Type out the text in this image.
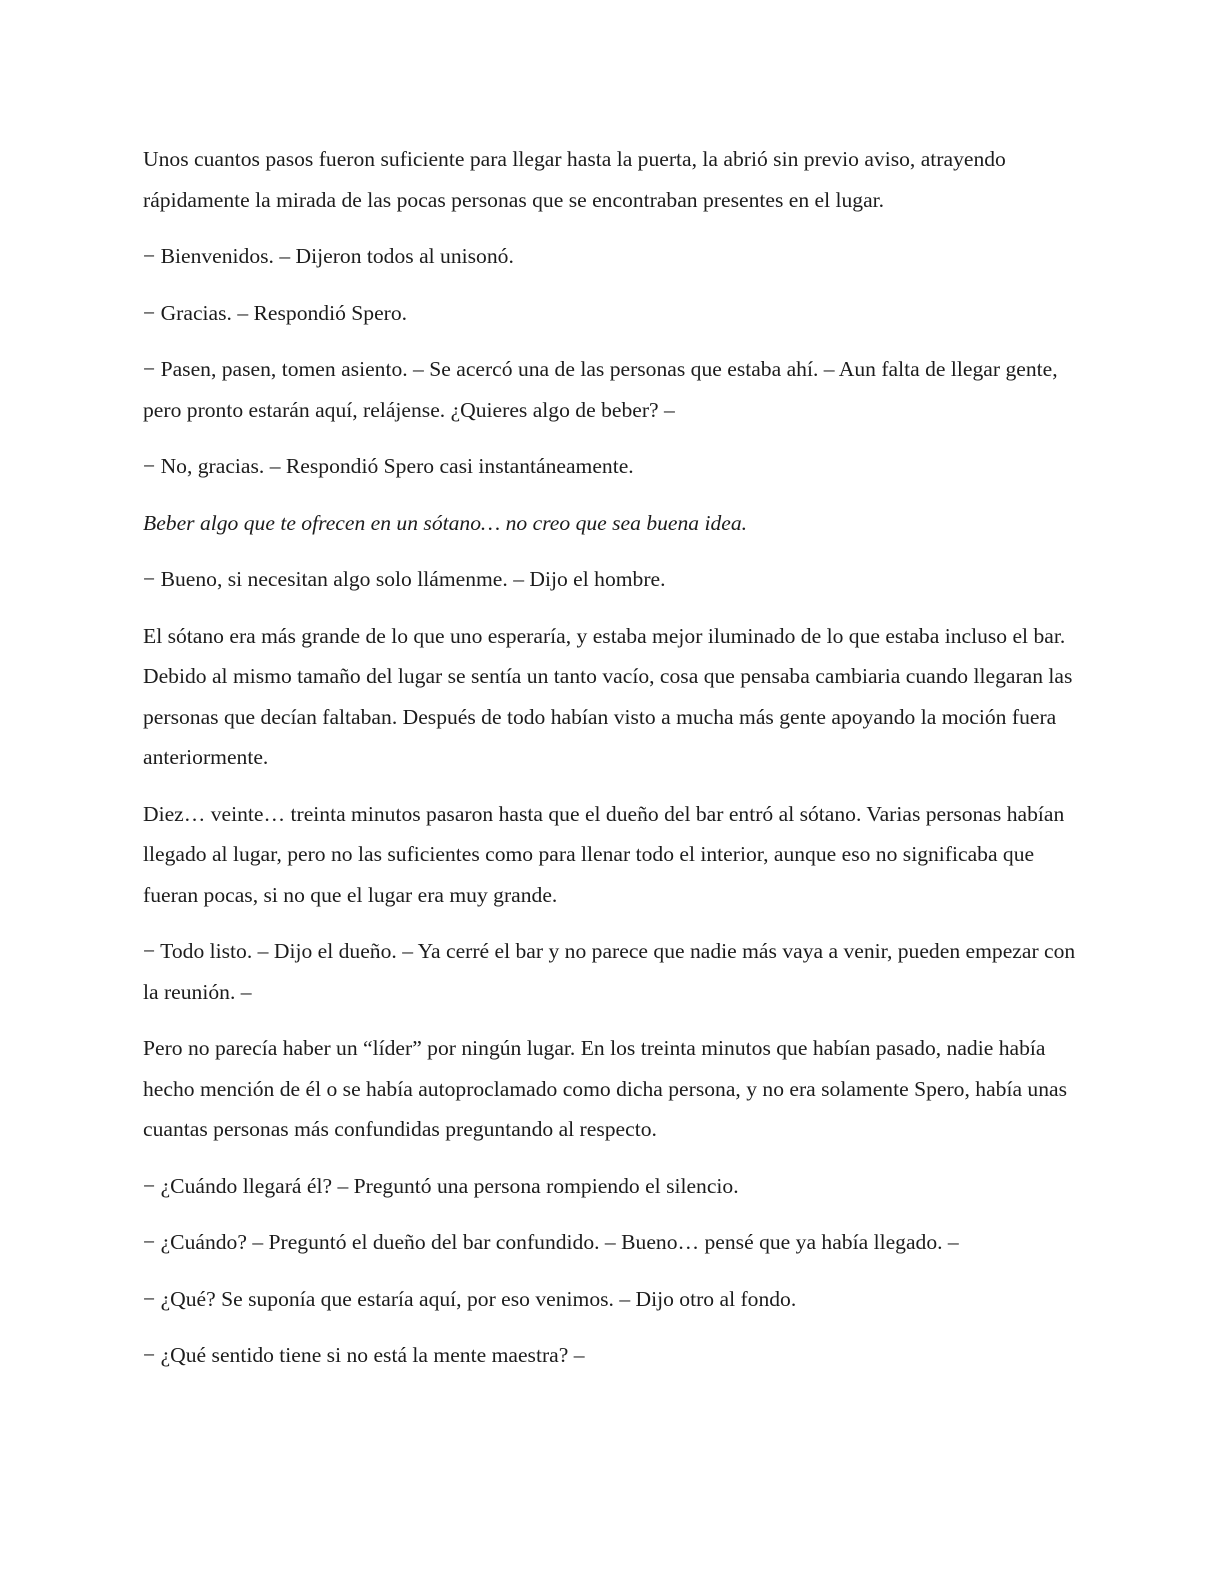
Unos cuantos pasos fueron suficiente para llegar hasta la puerta, la abrió sin previo aviso, atrayendo rápidamente la mirada de las pocas personas que se encontraban presentes en el lugar.

− Bienvenidos. – Dijeron todos al unisonó.

− Gracias. – Respondió Spero.

− Pasen, pasen, tomen asiento. – Se acercó una de las personas que estaba ahí. – Aun falta de llegar gente, pero pronto estarán aquí, relájense. ¿Quieres algo de beber? –

− No, gracias. – Respondió Spero casi instantáneamente.

Beber algo que te ofrecen en un sótano… no creo que sea buena idea.

− Bueno, si necesitan algo solo llámenme. – Dijo el hombre.

El sótano era más grande de lo que uno esperaría, y estaba mejor iluminado de lo que estaba incluso el bar. Debido al mismo tamaño del lugar se sentía un tanto vacío, cosa que pensaba cambiaria cuando llegaran las personas que decían faltaban. Después de todo habían visto a mucha más gente apoyando la moción fuera anteriormente.

Diez… veinte… treinta minutos pasaron hasta que el dueño del bar entró al sótano. Varias personas habían llegado al lugar, pero no las suficientes como para llenar todo el interior, aunque eso no significaba que fueran pocas, si no que el lugar era muy grande.

− Todo listo. – Dijo el dueño. – Ya cerré el bar y no parece que nadie más vaya a venir, pueden empezar con la reunión. –

Pero no parecía haber un “líder” por ningún lugar. En los treinta minutos que habían pasado, nadie había hecho mención de él o se había autoproclamado como dicha persona, y no era solamente Spero, había unas cuantas personas más confundidas preguntando al respecto.

− ¿Cuándo llegará él? – Preguntó una persona rompiendo el silencio.

− ¿Cuándo? – Preguntó el dueño del bar confundido. – Bueno… pensé que ya había llegado. –

− ¿Qué? Se suponía que estaría aquí, por eso venimos. – Dijo otro al fondo.

− ¿Qué sentido tiene si no está la mente maestra? –
